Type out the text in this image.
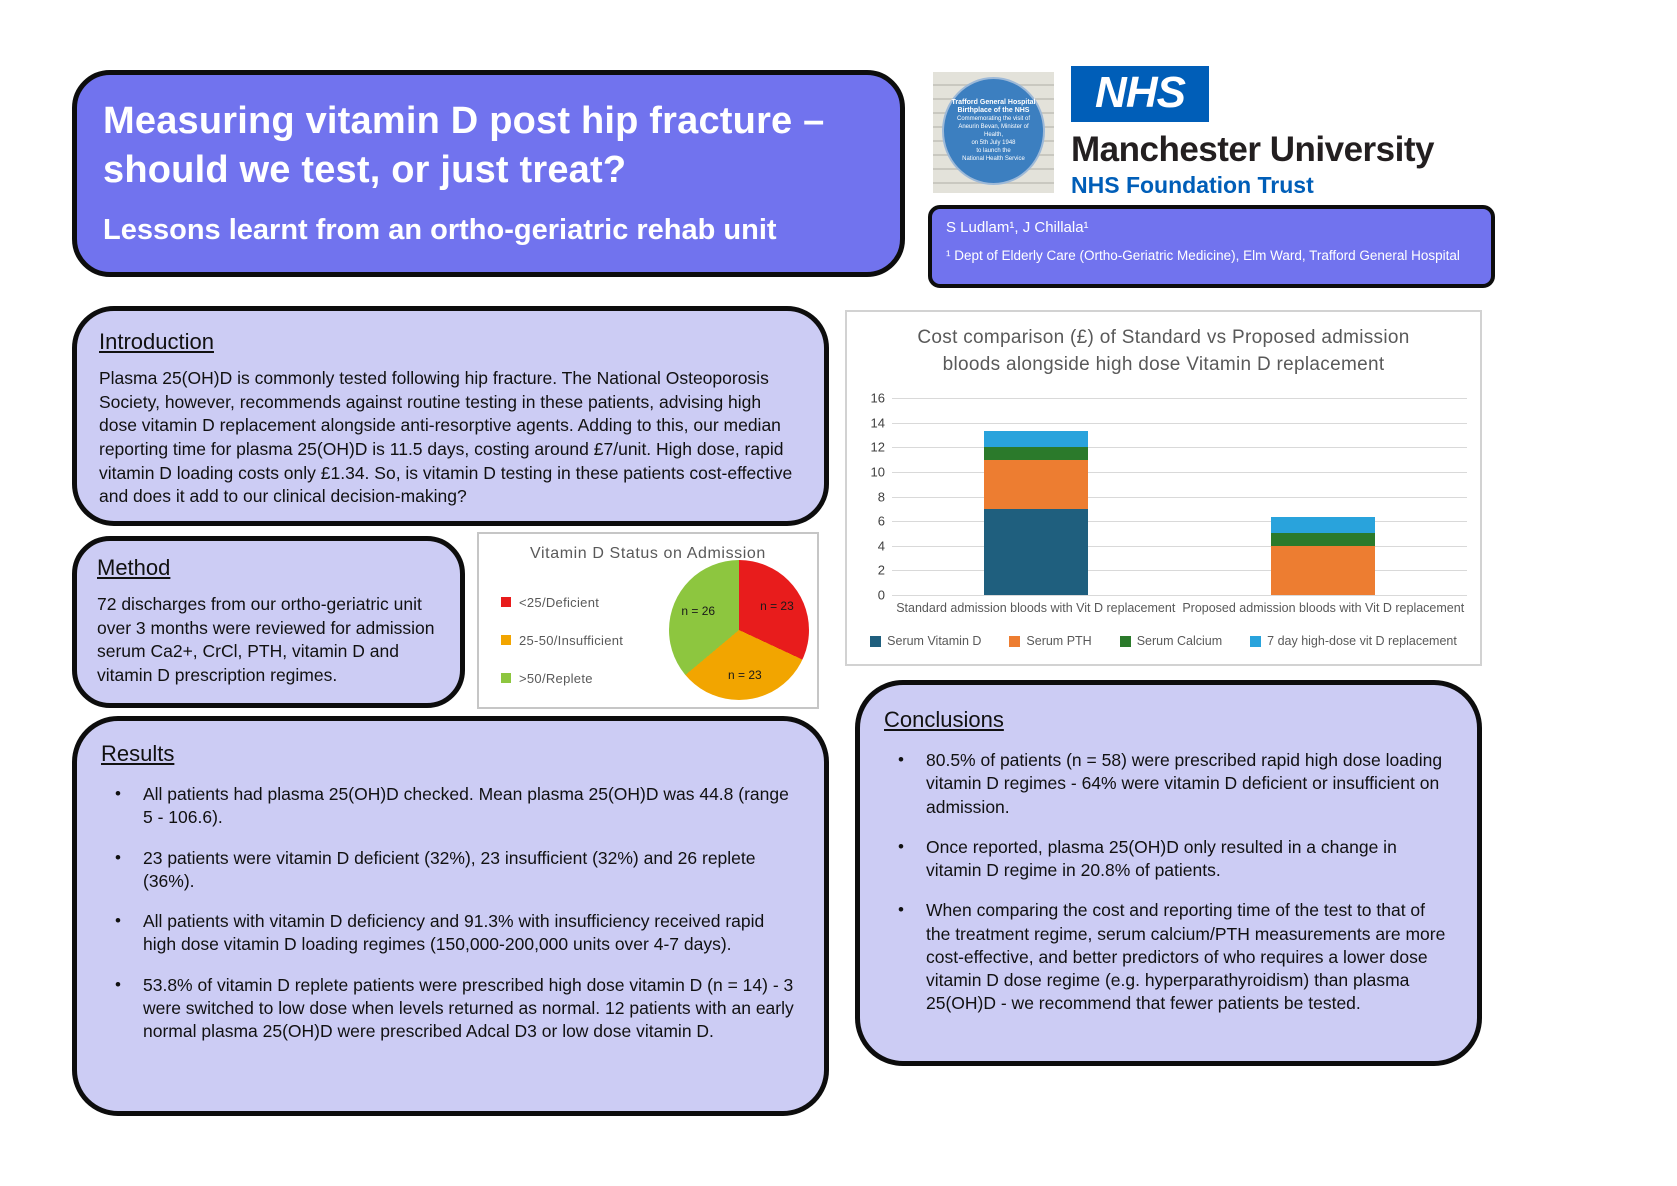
Measuring vitamin D post hip fracture – should we test, or just treat?
Lessons learnt from an ortho-geriatric rehab unit
Trafford General Hospital
Birthplace of the NHS
Commemorating the visit of
Aneurin Bevan, Minister of Health,
on 5th July 1948
to launch the
National Health Service
NHS
Manchester University
NHS Foundation Trust
S Ludlam¹, J Chillala¹
¹ Dept of Elderly Care (Ortho-Geriatric Medicine), Elm Ward, Trafford General Hospital
Introduction

Plasma 25(OH)D is commonly tested following hip fracture. The National Osteoporosis Society, however, recommends against routine testing in these patients, advising high dose vitamin D replacement alongside anti-resorptive agents. Adding to this, our median reporting time for plasma 25(OH)D is 11.5 days, costing around £7/unit. High dose, rapid vitamin D loading costs only £1.34. So, is vitamin D testing in these patients cost-effective and does it add to our clinical decision-making?

Method

72 discharges from our ortho-geriatric unit over 3 months were reviewed for admission serum Ca2+, CrCl, PTH, vitamin D and vitamin D prescription regimes.

Vitamin D Status on Admission
<25/Deficient
25-50/Insufficient
>50/Replete
n = 23
n = 23
n = 26
Cost comparison (£) of Standard vs Proposed admission bloods alongside high dose Vitamin D replacement
0
2
4
6
8
10
12
14
16
Standard admission bloods with Vit D replacement Proposed admission bloods with Vit D replacement
Serum Vitamin D	Serum PTH	Serum Calcium	7 day high-dose vit D replacement
Results
• All patients had plasma 25(OH)D checked. Mean plasma 25(OH)D was 44.8 (range 5 - 106.6).
• 23 patients were vitamin D deficient (32%), 23 insufficient (32%) and 26 replete (36%).
• All patients with vitamin D deficiency and 91.3% with insufficiency received rapid high dose vitamin D loading regimes (150,000-200,000 units over 4-7 days).
• 53.8% of vitamin D replete patients were prescribed high dose vitamin D (n = 14) - 3 were switched to low dose when levels returned as normal. 12 patients with an early normal plasma 25(OH)D were prescribed Adcal D3 or low dose vitamin D.
Conclusions
• 80.5% of patients (n = 58) were prescribed rapid high dose loading vitamin D regimes - 64% were vitamin D deficient or insufficient on admission.
• Once reported, plasma 25(OH)D only resulted in a change in vitamin D regime in 20.8% of patients.
• When comparing the cost and reporting time of the test to that of the treatment regime, serum calcium/PTH measurements are more cost-effective, and better predictors of who requires a lower dose vitamin D dose regime (e.g. hyperparathyroidism) than plasma 25(OH)D - we recommend that fewer patients be tested.
